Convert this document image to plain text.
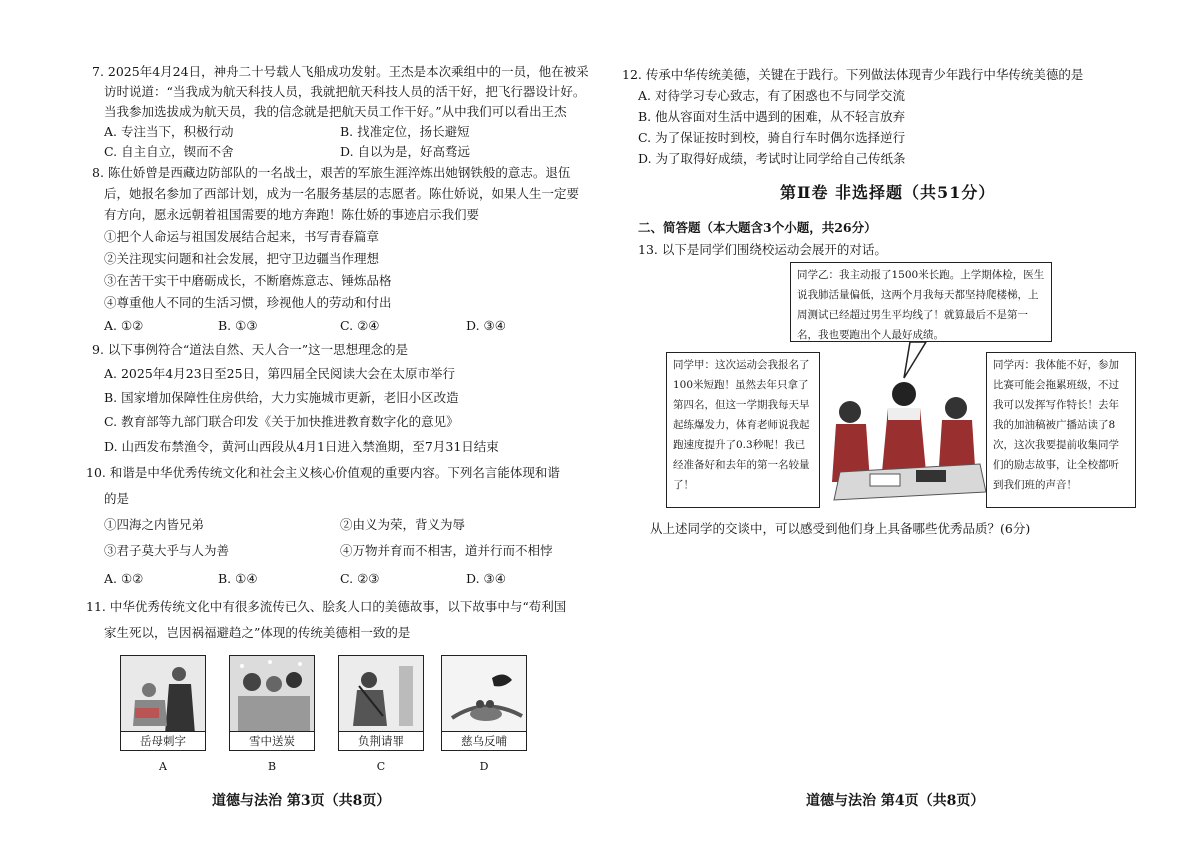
7. 2025年4月24日，神舟二十号载人飞船成功发射。王杰是本次乘组中的一员，他在被采
访时说道：“当我成为航天科技人员，我就把航天科技人员的活干好，把飞行器设计好。
当我参加选拔成为航天员，我的信念就是把航天员工作干好。”从中我们可以看出王杰
A. 专注当下，积极行动	B. 找准定位，扬长避短
C. 自主自立，锲而不舍	D. 自以为是，好高骛远
8. 陈仕娇曾是西藏边防部队的一名战士，艰苦的军旅生涯淬炼出她钢铁般的意志。退伍
后，她报名参加了西部计划，成为一名服务基层的志愿者。陈仕娇说，如果人生一定要
有方向，愿永远朝着祖国需要的地方奔跑！陈仕娇的事迹启示我们要
①把个人命运与祖国发展结合起来，书写青春篇章
②关注现实问题和社会发展，把守卫边疆当作理想
③在苦干实干中磨砺成长，不断磨炼意志、锤炼品格
④尊重他人不同的生活习惯，珍视他人的劳动和付出
A. ①②	B. ①③	C. ②④	D. ③④
9. 以下事例符合“道法自然、天人合一”这一思想理念的是
A. 2025年4月23日至25日，第四届全民阅读大会在太原市举行
B. 国家增加保障性住房供给，大力实施城市更新，老旧小区改造
C. 教育部等九部门联合印发《关于加快推进教育数字化的意见》
D. 山西发布禁渔令，黄河山西段从4月1日进入禁渔期，至7月31日结束
10. 和谐是中华优秀传统文化和社会主义核心价值观的重要内容。下列名言能体现和谐
的是
①四海之内皆兄弟	②由义为荣，背义为辱
③君子莫大乎与人为善	④万物并育而不相害，道并行而不相悖
A. ①②	B. ①④	C. ②③	D. ③④
11. 中华优秀传统文化中有很多流传已久、脍炙人口的美德故事，以下故事中与“苟利国
家生死以，岂因祸福避趋之”体现的传统美德相一致的是
岳母刺字
A
雪中送炭
B
负荆请罪
C
慈乌反哺
D
道德与法治 第3页（共8页）
12. 传承中华传统美德，关键在于践行。下列做法体现青少年践行中华传统美德的是
A. 对待学习专心致志，有了困惑也不与同学交流
B. 他从容面对生活中遇到的困难，从不轻言放弃
C. 为了保证按时到校，骑自行车时偶尔选择逆行
D. 为了取得好成绩，考试时让同学给自己传纸条
第Ⅱ卷 非选择题（共51分）
二、简答题（本大题含3个小题，共26分）
13. 以下是同学们围绕校运动会展开的对话。
同学乙：我主动报了1500米长跑。上学期体检，医生说我肺活量偏低，这两个月我每天都坚持爬楼梯，上周测试已经超过男生平均线了！就算最后不是第一名，我也要跑出个人最好成绩。
同学甲：这次运动会我报名了100米短跑！虽然去年只拿了第四名，但这一学期我每天早起练爆发力，体育老师说我起跑速度提升了0.3秒呢！我已经准备好和去年的第一名较量了！
同学丙：我体能不好，参加比赛可能会拖累班级，不过我可以发挥写作特长！去年我的加油稿被广播站读了8次，这次我要提前收集同学们的励志故事，让全校都听到我们班的声音！
从上述同学的交谈中，可以感受到他们身上具备哪些优秀品质？(6分)
道德与法治 第4页（共8页）
